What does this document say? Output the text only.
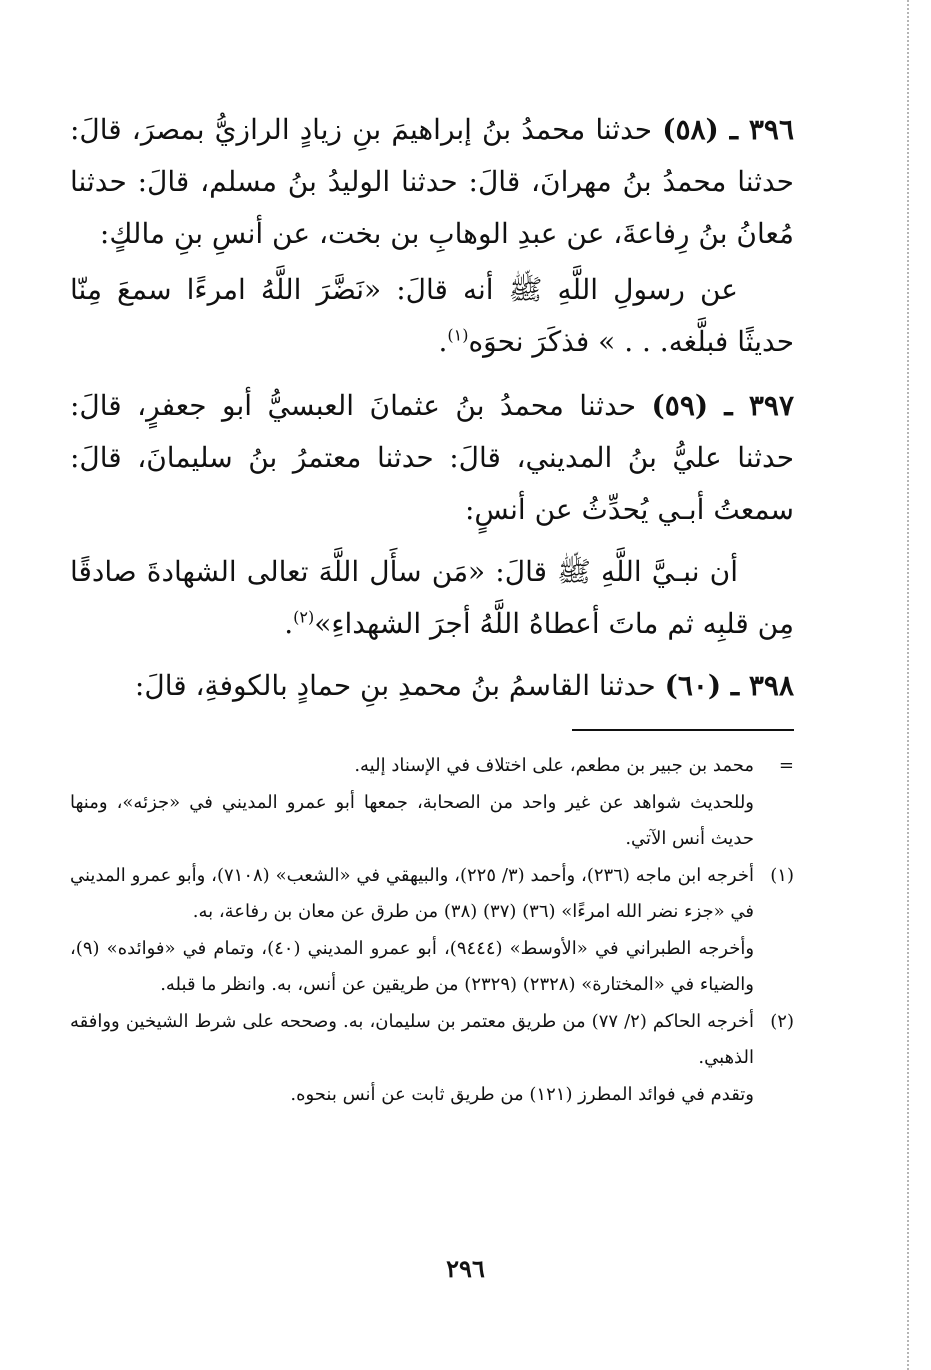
٣٩٦ ـ (٥٨) حدثنا محمدُ بنُ إبراهيمَ بنِ زيادٍ الرازيُّ بمصرَ، قالَ: حدثنا محمدُ بنُ مهرانَ، قالَ: حدثنا الوليدُ بنُ مسلم، قالَ: حدثنا مُعانُ بنُ رِفاعةَ، عن عبدِ الوهابِ بن بخت، عن أنسِ بنِ مالكٍ:

عن رسولِ اللَّهِ ﷺ أنه قالَ: «نَضَّرَ اللَّهُ امرءًا سمعَ مِنّا حديثًا فبلَّغه. . . » فذكَرَ نحوَه$^{(١)}$.

٣٩٧ ـ (٥٩) حدثنا محمدُ بنُ عثمانَ العبسيُّ أبو جعفرٍ، قالَ: حدثنا عليُّ بنُ المديني، قالَ: حدثنا معتمرُ بنُ سليمانَ، قالَ: سمعتُ أبـي يُحدِّثُ عن أنسٍ:

أن نبـيَّ اللَّهِ ﷺ قالَ: «مَن سأَل اللَّهَ تعالى الشهادةَ صادقًا مِن قلبِه ثم ماتَ أعطاهُ اللَّهُ أجرَ الشهداءِ»$^{(٢)}$.

٣٩٨ ـ (٦٠) حدثنا القاسمُ بنُ محمدِ بنِ حمادٍ بالكوفةِ، قالَ:

=

محمد بن جبير بن مطعم، على اختلاف في الإسناد إليه.

وللحديث شواهد عن غير واحد من الصحابة، جمعها أبو عمرو المديني في «جزئه»، ومنها حديث أنس الآتي.

(١)

أخرجه ابن ماجه (٢٣٦)، وأحمد (٣/ ٢٢٥)، والبيهقي في «الشعب» (٧١٠٨)، وأبو عمرو المديني في «جزء نضر الله امرءًا» (٣٦) (٣٧) (٣٨) من طرق عن معان بن رفاعة، به.

وأخرجه الطبراني في «الأوسط» (٩٤٤٤)، أبو عمرو المديني (٤٠)، وتمام في «فوائده» (٩)، والضياء في «المختارة» (٢٣٢٨) (٢٣٢٩) من طريقين عن أنس، به. وانظر ما قبله.

(٢)

أخرجه الحاكم (٢/ ٧٧) من طريق معتمر بن سليمان، به. وصححه على شرط الشيخين ووافقه الذهبي.

وتقدم في فوائد المطرز (١٢١) من طريق ثابت عن أنس بنحوه.

٢٩٦
